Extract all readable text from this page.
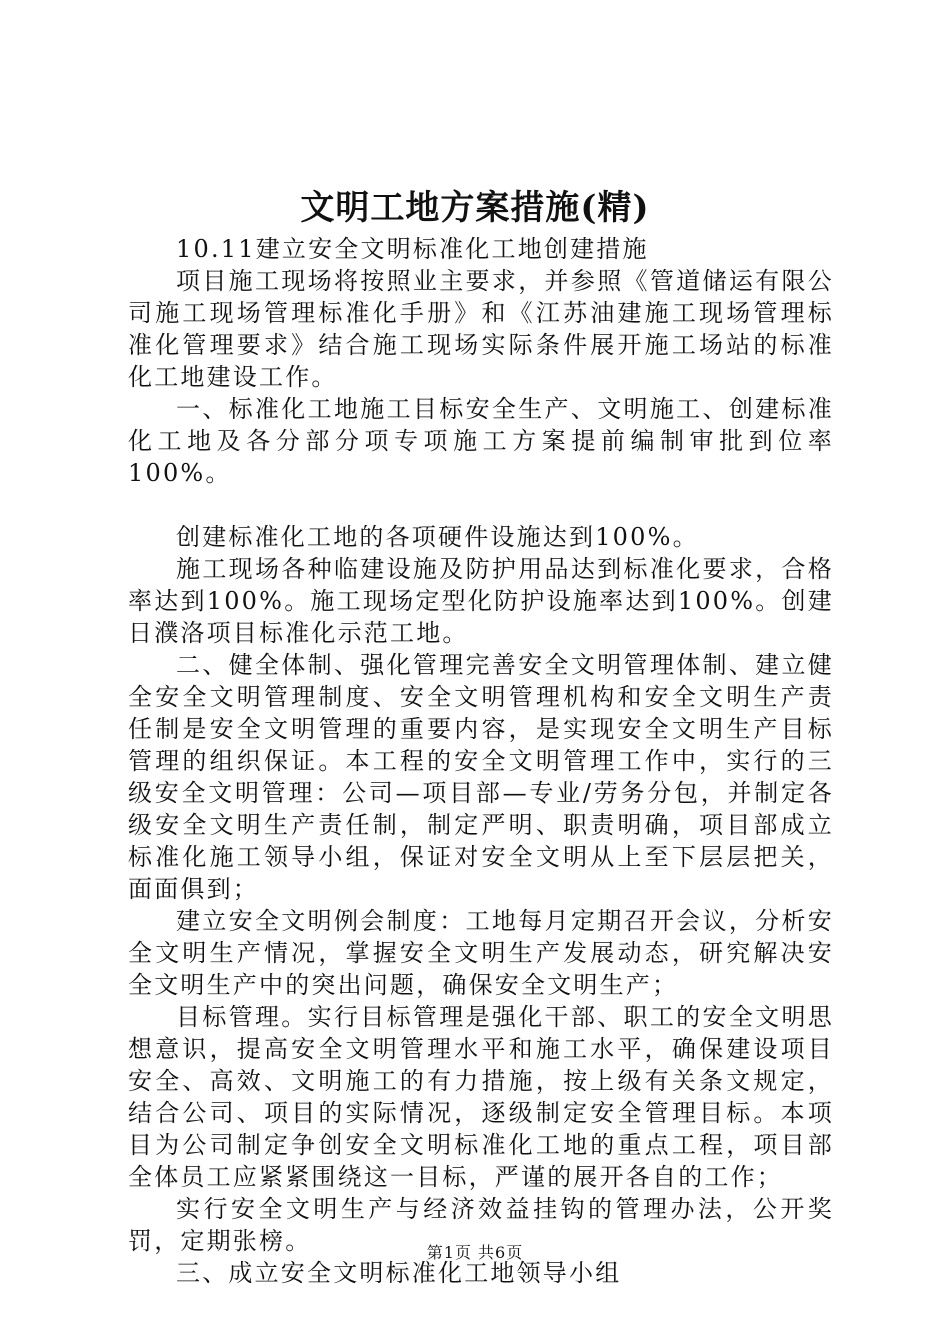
文明工地方案措施(精)

10.11建立安全文明标准化工地创建措施

项目施工现场将按照业主要求，并参照《管道储运有限公司施工现场管理标准化手册》和《江苏油建施工现场管理标准化管理要求》结合施工现场实际条件展开施工场站的标准化工地建设工作。

一、标准化工地施工目标安全生产、文明施工、创建标准化工地及各分部分项专项施工方案提前编制审批到位率100%。

创建标准化工地的各项硬件设施达到100%。

施工现场各种临建设施及防护用品达到标准化要求，合格率达到100%。施工现场定型化防护设施率达到100%。创建日濮洛项目标准化示范工地。

二、健全体制、强化管理完善安全文明管理体制、建立健全安全文明管理制度、安全文明管理机构和安全文明生产责任制是安全文明管理的重要内容，是实现安全文明生产目标管理的组织保证。本工程的安全文明管理工作中，实行的三级安全文明管理：公司—项目部—专业/劳务分包，并制定各级安全文明生产责任制，制定严明、职责明确，项目部成立标准化施工领导小组，保证对安全文明从上至下层层把关，面面俱到；

建立安全文明例会制度：工地每月定期召开会议，分析安全文明生产情况，掌握安全文明生产发展动态，研究解决安全文明生产中的突出问题，确保安全文明生产；

目标管理。实行目标管理是强化干部、职工的安全文明思想意识，提高安全文明管理水平和施工水平，确保建设项目安全、高效、文明施工的有力措施，按上级有关条文规定，结合公司、项目的实际情况，逐级制定安全管理目标。本项目为公司制定争创安全文明标准化工地的重点工程，项目部全体员工应紧紧围绕这一目标，严谨的展开各自的工作；

实行安全文明生产与经济效益挂钩的管理办法，公开奖罚，定期张榜。

三、成立安全文明标准化工地领导小组

第1页 共6页
